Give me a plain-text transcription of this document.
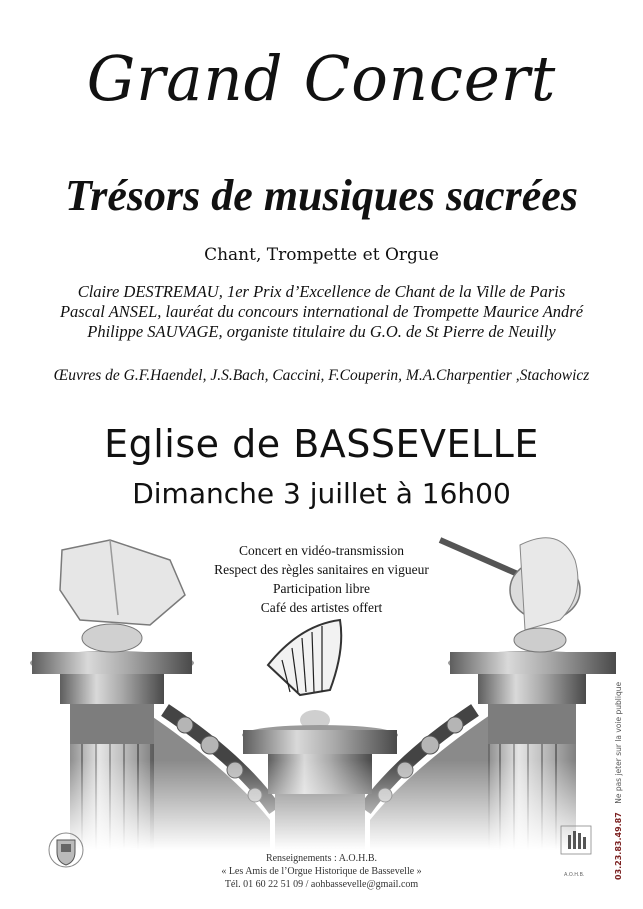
Grand Concert
Trésors de musiques sacrées
Chant, Trompette et Orgue
Claire DESTREMAU, 1er Prix d’Excellence de Chant de la Ville de Paris
Pascal ANSEL, lauréat du concours international de Trompette Maurice André
Philippe SAUVAGE, organiste titulaire du G.O. de St Pierre de Neuilly
Œuvres de G.F.Haendel, J.S.Bach, Caccini, F.Couperin, M.A.Charpentier ,Stachowicz
Eglise de BASSEVELLE
Dimanche 3 juillet à 16h00
Concert en vidéo-transmission
Respect des règles sanitaires en vigueur
Participation libre
Café des artistes offert
A.O.H.B.
Renseignements : A.O.H.B.
« Les Amis de l’Orgue Historique de Bassevelle »
Tél. 01 60 22 51 09 / aohbassevelle@gmail.com
03.23.83.49.87 Ne pas jeter sur la voie publique
